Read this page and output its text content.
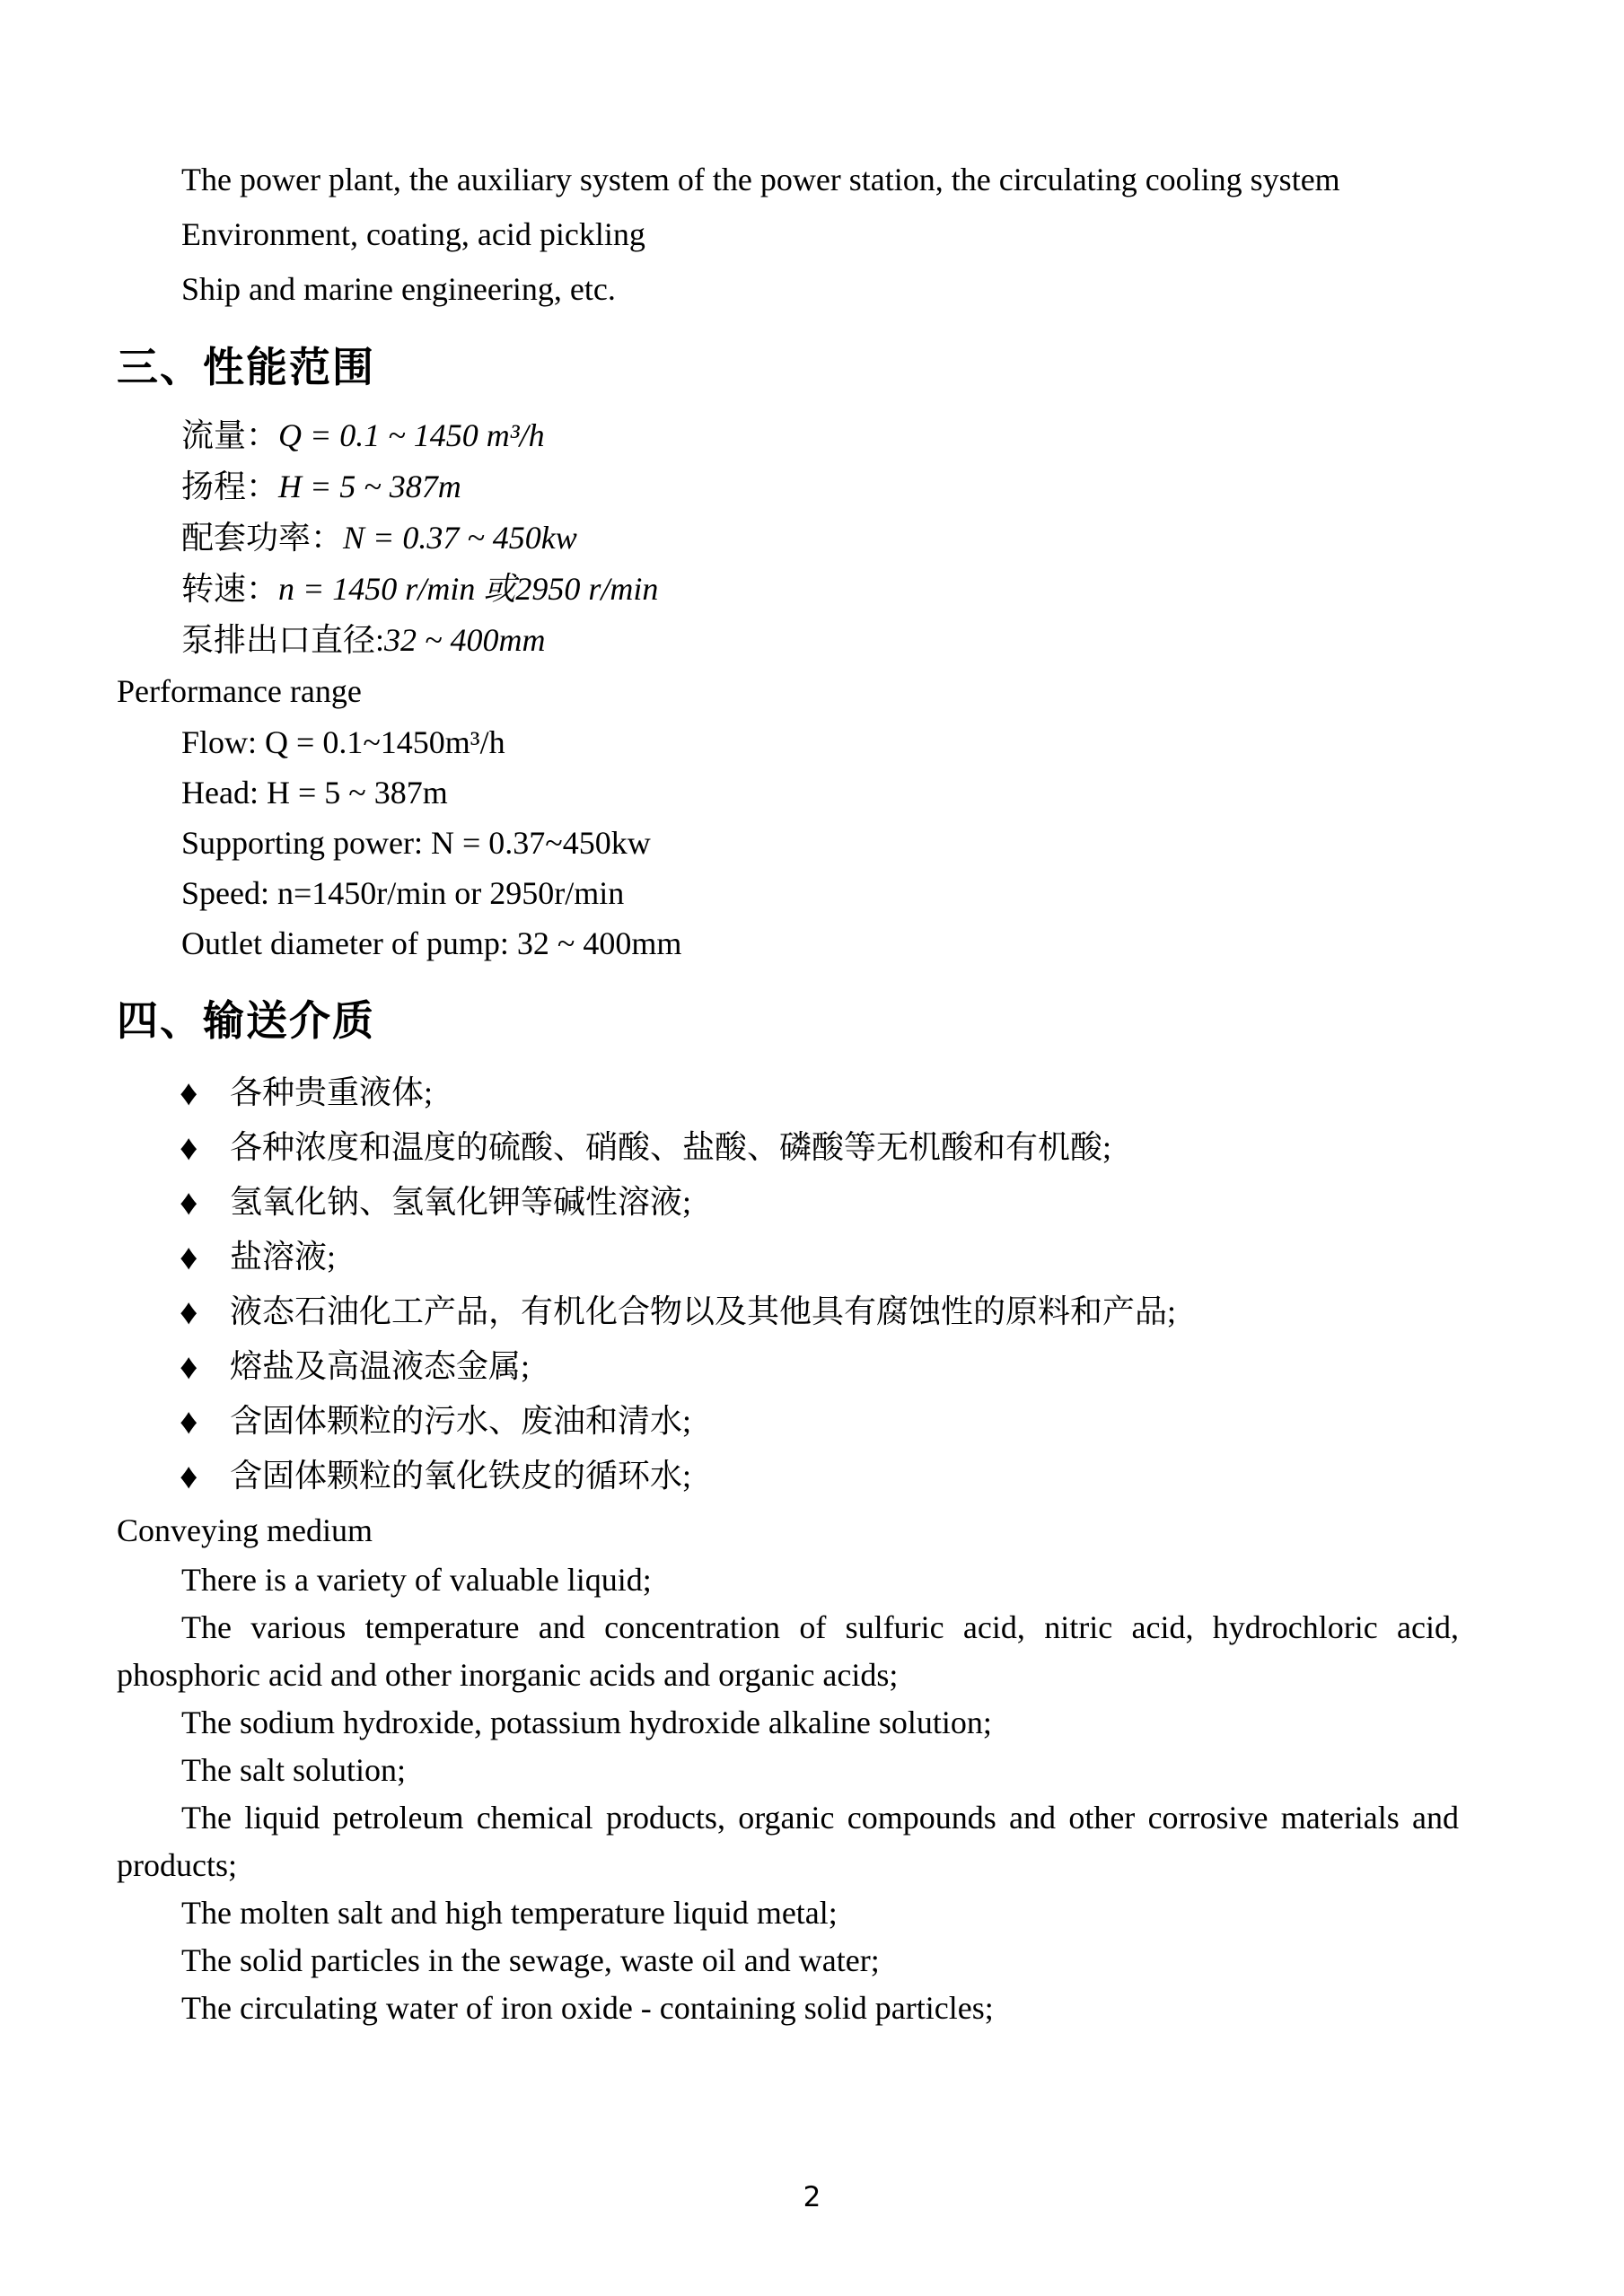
The power plant, the auxiliary system of the power station, the circulating cooling system

Environment, coating, acid pickling

Ship and marine engineering, etc.

三、性能范围

流量：Q = 0.1 ~ 1450 m³/h

扬程：H = 5 ~ 387m

配套功率：N = 0.37 ~ 450kw

转速：n = 1450 r/min 或2950 r/min

泵排出口直径:32 ~ 400mm

Performance range

Flow: Q = 0.1~1450m³/h

Head: H = 5 ~ 387m

Supporting power: N = 0.37~450kw

Speed: n=1450r/min or 2950r/min

Outlet diameter of pump: 32 ~ 400mm

四、输送介质
♦ 各种贵重液体;
♦ 各种浓度和温度的硫酸、硝酸、盐酸、磷酸等无机酸和有机酸;
♦ 氢氧化钠、氢氧化钾等碱性溶液;
♦ 盐溶液;
♦ 液态石油化工产品，有机化合物以及其他具有腐蚀性的原料和产品;
♦ 熔盐及高温液态金属;
♦ 含固体颗粒的污水、废油和清水;
♦ 含固体颗粒的氧化铁皮的循环水;

Conveying medium

There is a variety of valuable liquid;

The various temperature and concentration of sulfuric acid, nitric acid, hydrochloric acid, phosphoric acid and other inorganic acids and organic acids;

The sodium hydroxide, potassium hydroxide alkaline solution;

The salt solution;

The liquid petroleum chemical products, organic compounds and other corrosive materials and products;

The molten salt and high temperature liquid metal;

The solid particles in the sewage, waste oil and water;

The circulating water of iron oxide - containing solid particles;

2
